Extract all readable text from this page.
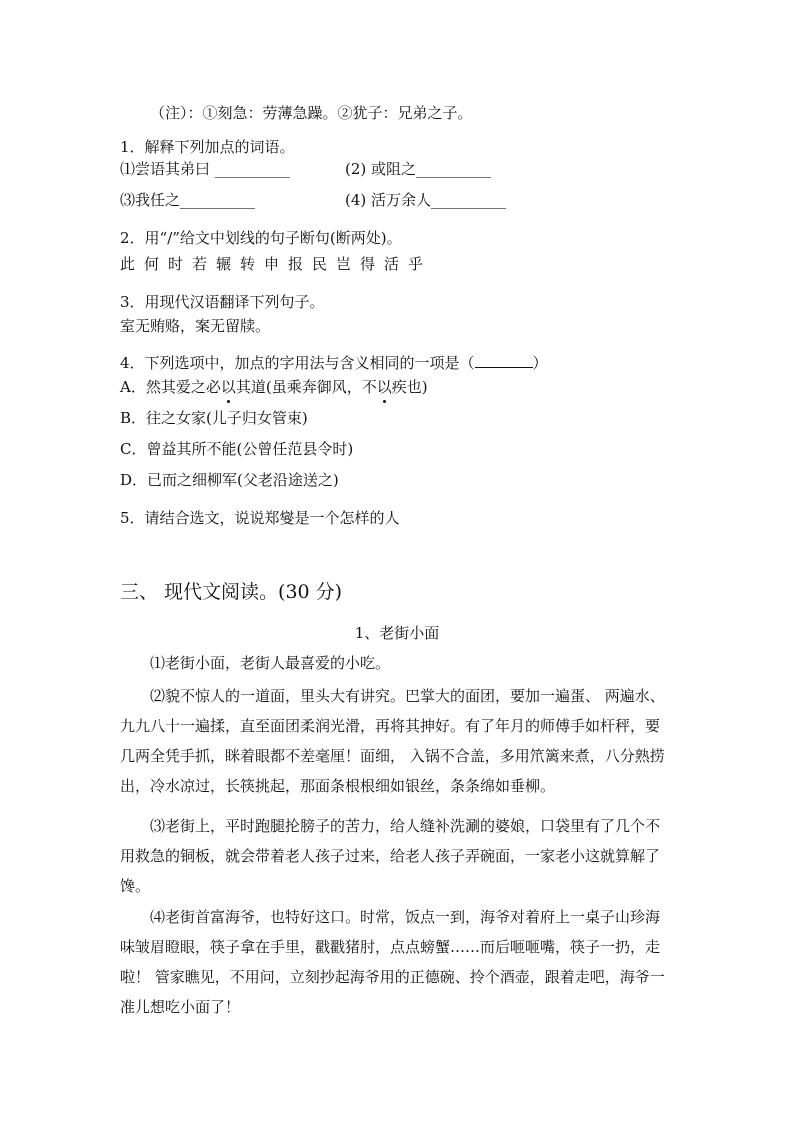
（注）：①刻急：劳薄急躁。②犹子：兄弟之子。
1．解释下列加点的词语。
⑴尝语其弟曰 __________	(2) 或阻之__________
⑶我任之__________	(4) 活万余人__________
2．用“/”给文中划线的句子断句(断两处)。
此何时若辗转申报民岂得活乎
3．用现代汉语翻译下列句子。
室无贿赂，案无留牍。
4．下列选项中，加点的字用法与含义相同的一项是（	）
A．然其爱之必以其道(虽乘奔御风，不以疾也)
B．往之女家(儿子归女管束)
C．曾益其所不能(公曾任范县令时)
D．已而之细柳军(父老沿途送之)
5．请结合选文，说说郑燮是一个怎样的人
三、 现代文阅读。(30 分)
1、老街小面
⑴老街小面，老街人最喜爱的小吃。
⑵貌不惊人的一道面，里头大有讲究。巴掌大的面团，要加一遍蛋、 两遍水、九九八十一遍揉，直至面团柔润光滑，再将其抻好。有了年月的师傅手如杆秤，要几两全凭手抓，眯着眼都不差毫厘！面细， 入锅不合盖，多用笊篱来煮，八分熟捞出，冷水凉过，长筷挑起，那面条根根细如银丝，条条绵如垂柳。
⑶老街上，平时跑腿抡膀子的苦力，给人缝补洗涮的婆娘，口袋里有了几个不用救急的铜板，就会带着老人孩子过来，给老人孩子弄碗面，一家老小这就算解了馋。
⑷老街首富海爷，也特好这口。时常，饭点一到，海爷对着府上一桌子山珍海味皱眉瞪眼，筷子拿在手里，戳戳猪肘，点点螃蟹……而后咂咂嘴，筷子一扔，走啦！ 管家瞧见，不用问，立刻抄起海爷用的正德碗、拎个酒壶，跟着走吧，海爷一准儿想吃小面了！
